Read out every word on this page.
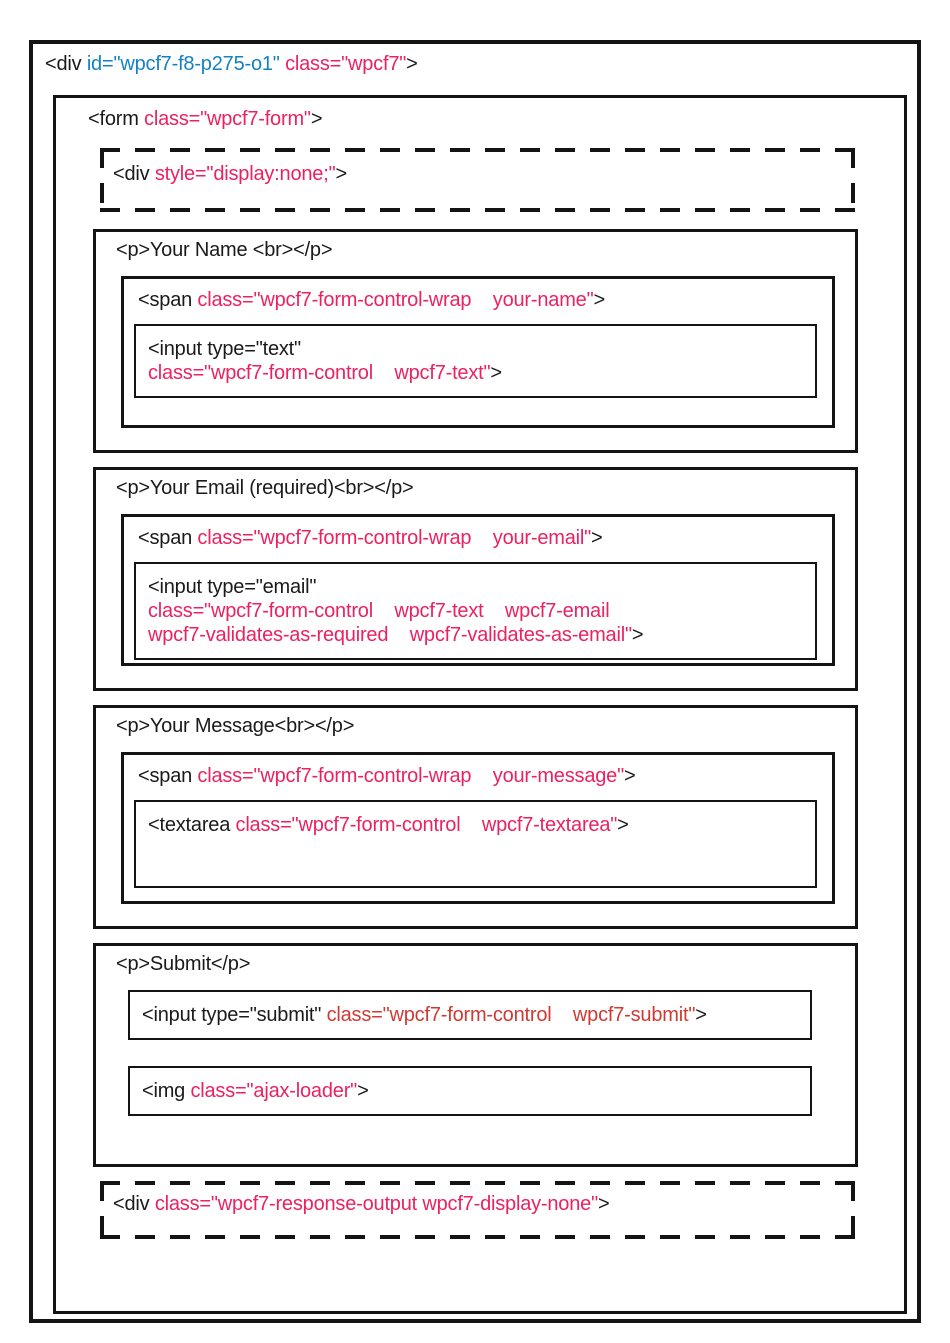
<div id="wpcf7-f8-p275-o1" class="wpcf7">
<form class="wpcf7-form">
<div style="display:none;">
<p>Your Name <br></p>
<span class="wpcf7-form-control-wrap    your-name">
<input type="text"
class="wpcf7-form-control    wpcf7-text">
<p>Your Email (required)<br></p>
<span class="wpcf7-form-control-wrap    your-email">
<input type="email"
class="wpcf7-form-control    wpcf7-text    wpcf7-email
wpcf7-validates-as-required    wpcf7-validates-as-email">
<p>Your Message<br></p>
<span class="wpcf7-form-control-wrap    your-message">
<textarea class="wpcf7-form-control    wpcf7-textarea">
<p>Submit</p>
<input type="submit" class="wpcf7-form-control    wpcf7-submit">
<img class="ajax-loader">
<div class="wpcf7-response-output wpcf7-display-none">
